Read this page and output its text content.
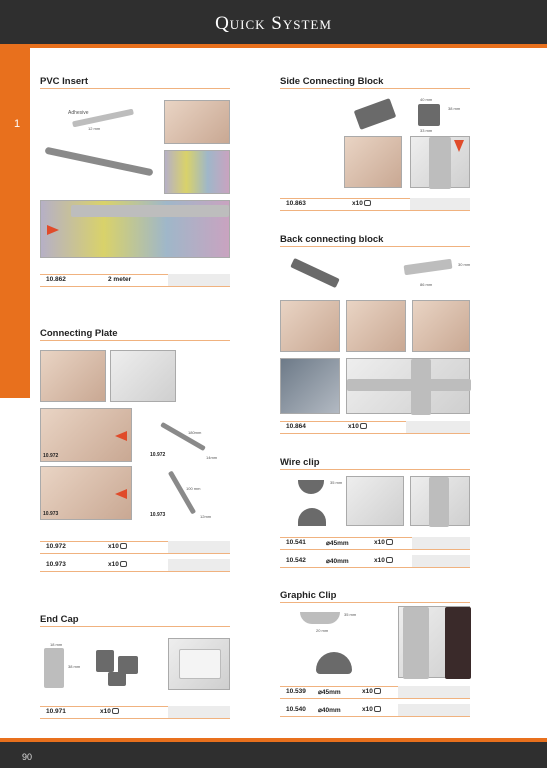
Quick System
1
PVC Insert
Adhesive
12 mm
10.862	2 meter
Connecting Plate
10.972
180mm
14mm
10.972
10.973
100 mm
12mm
10.973
10.972	x10
10.973	x10
End Cap
18 mm
38 mm
10.971	x10
Side Connecting Block
40 mm
38 mm
33 mm
10.863	x10
Back connecting block
86 mm
30 mm
10.864	x10
Wire clip
35 mm
10.541	⌀45mm	x10
10.542	⌀40mm	x10
Graphic Clip
20 mm
35 mm
10.539 ⌀45mm	x10
10.540 ⌀40mm	x10
90
